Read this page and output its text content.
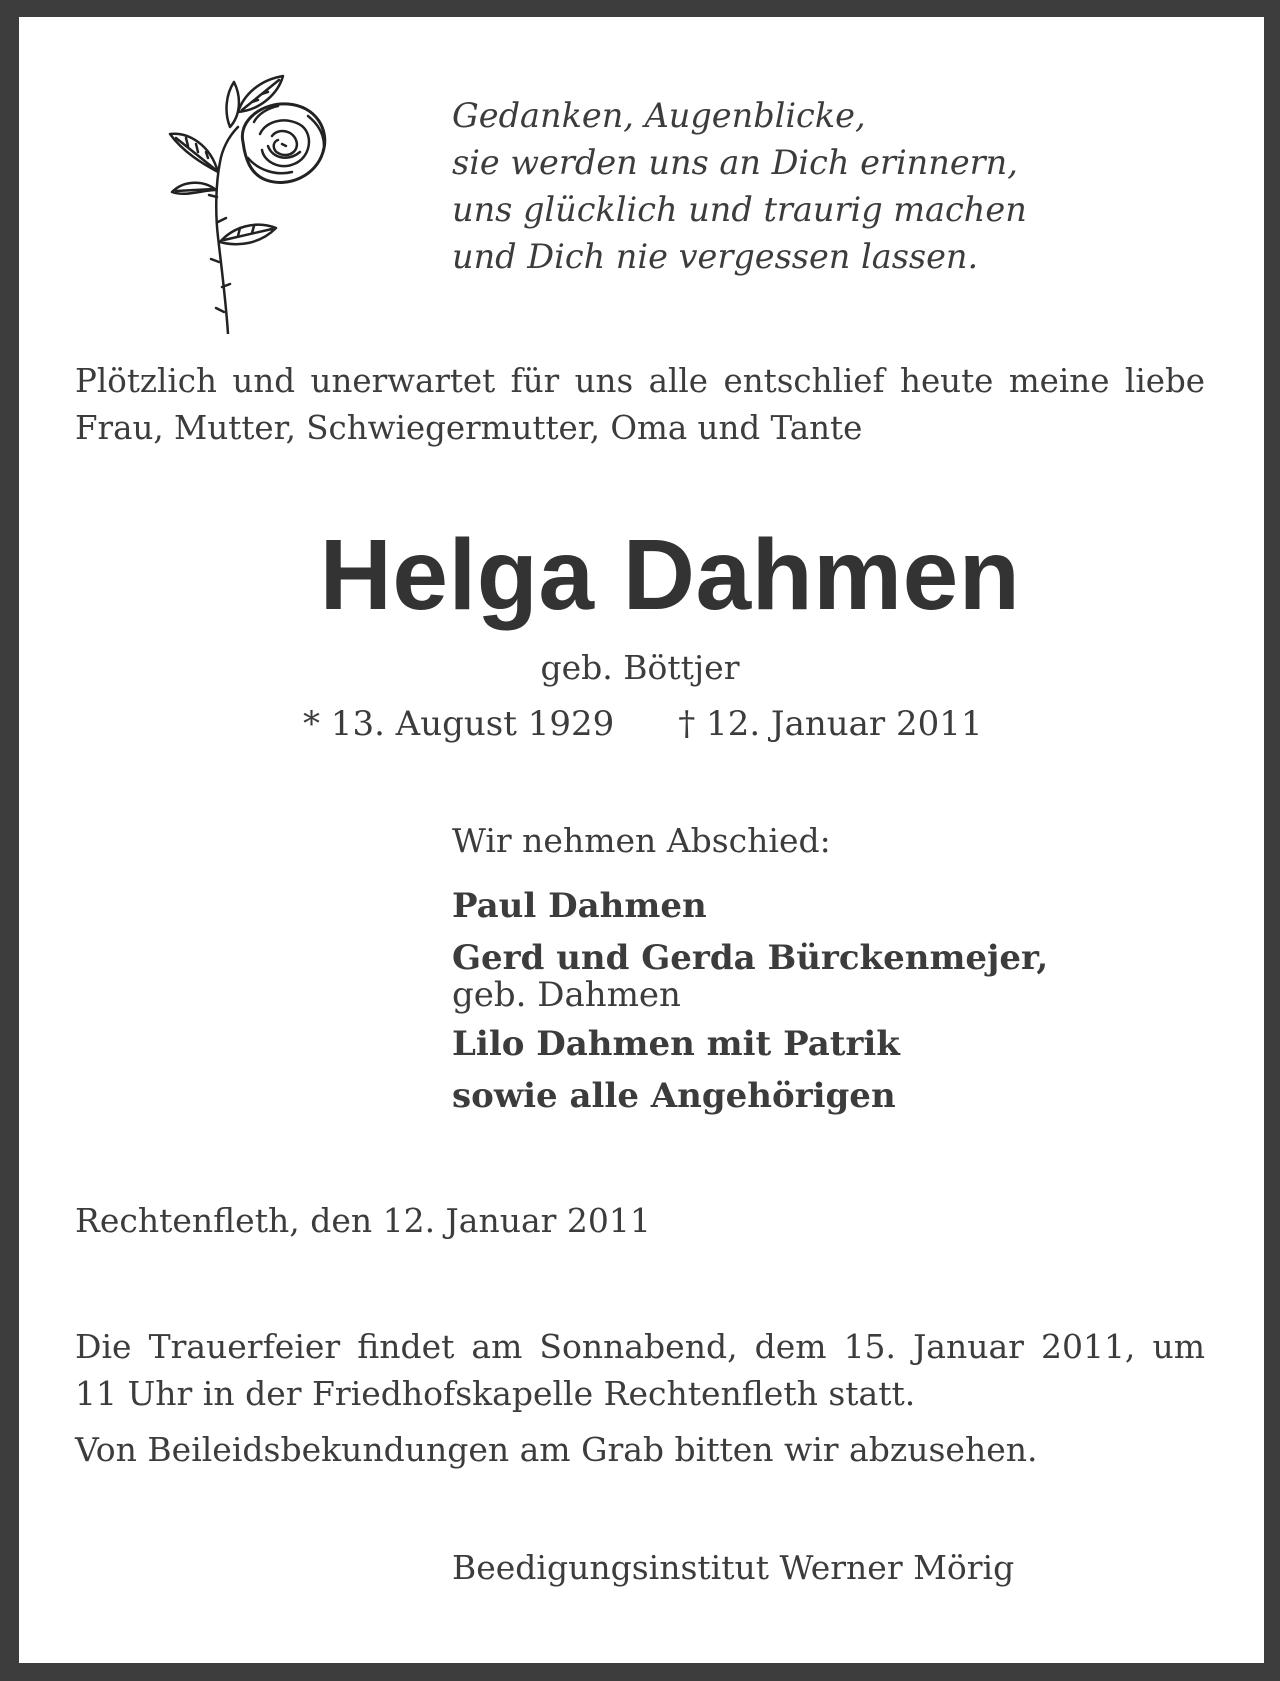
Gedanken, Augenblicke,
sie werden uns an Dich erinnern,
uns glücklich und traurig machen
und Dich nie vergessen lassen.
Plötzlich und unerwartet für uns alle entschlief heute meine liebe
Frau, Mutter, Schwiegermutter, Oma und Tante
Helga Dahmen
geb. Böttjer
* 13. August 1929 † 12. Januar 2011
Wir nehmen Abschied:
Paul Dahmen
Gerd und Gerda Bürckenmejer,
geb. Dahmen
Lilo Dahmen mit Patrik
sowie alle Angehörigen
Rechtenfleth, den 12. Januar 2011
Die Trauerfeier findet am Sonnabend, dem 15. Januar 2011, um
11 Uhr in der Friedhofskapelle Rechtenfleth statt.
Von Beileidsbekundungen am Grab bitten wir abzusehen.
Beedigungsinstitut Werner Mörig
